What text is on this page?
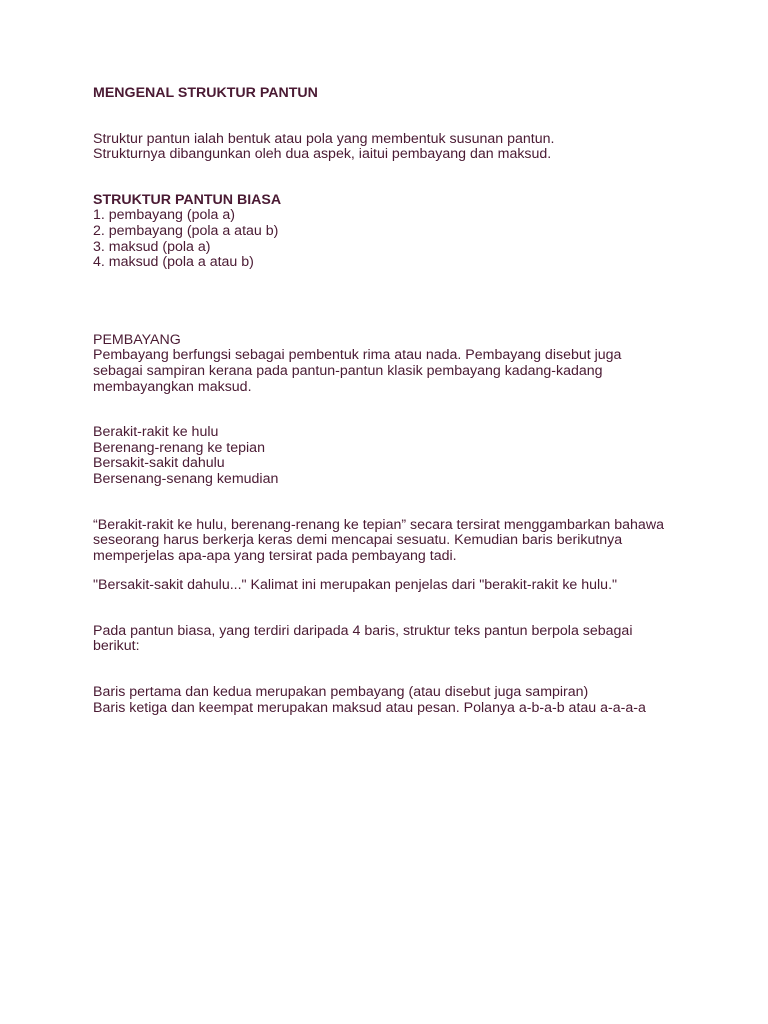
MENGENAL STRUKTUR PANTUN
Struktur pantun ialah bentuk atau pola yang membentuk susunan pantun.
Strukturnya dibangunkan oleh dua aspek, iaitui pembayang dan maksud.
STRUKTUR PANTUN BIASA
1. pembayang (pola a)
2. pembayang (pola a atau b)
3. maksud (pola a)
4. maksud (pola a atau b)
PEMBAYANG
Pembayang berfungsi sebagai pembentuk rima atau nada. Pembayang disebut juga
sebagai sampiran kerana pada pantun-pantun klasik pembayang kadang-kadang
membayangkan maksud.
Berakit-rakit ke hulu
Berenang-renang ke tepian
Bersakit-sakit dahulu
Bersenang-senang kemudian
“Berakit-rakit ke hulu, berenang-renang ke tepian” secara tersirat menggambarkan bahawa
seseorang harus berkerja keras demi mencapai sesuatu. Kemudian baris berikutnya
memperjelas apa-apa yang tersirat pada pembayang tadi.
"Bersakit-sakit dahulu..." Kalimat ini merupakan penjelas dari "berakit-rakit ke hulu."
Pada pantun biasa, yang terdiri daripada 4 baris, struktur teks pantun berpola sebagai
berikut:
Baris pertama dan kedua merupakan pembayang (atau disebut juga sampiran)
Baris ketiga dan keempat merupakan maksud atau pesan. Polanya a-b-a-b atau a-a-a-a
